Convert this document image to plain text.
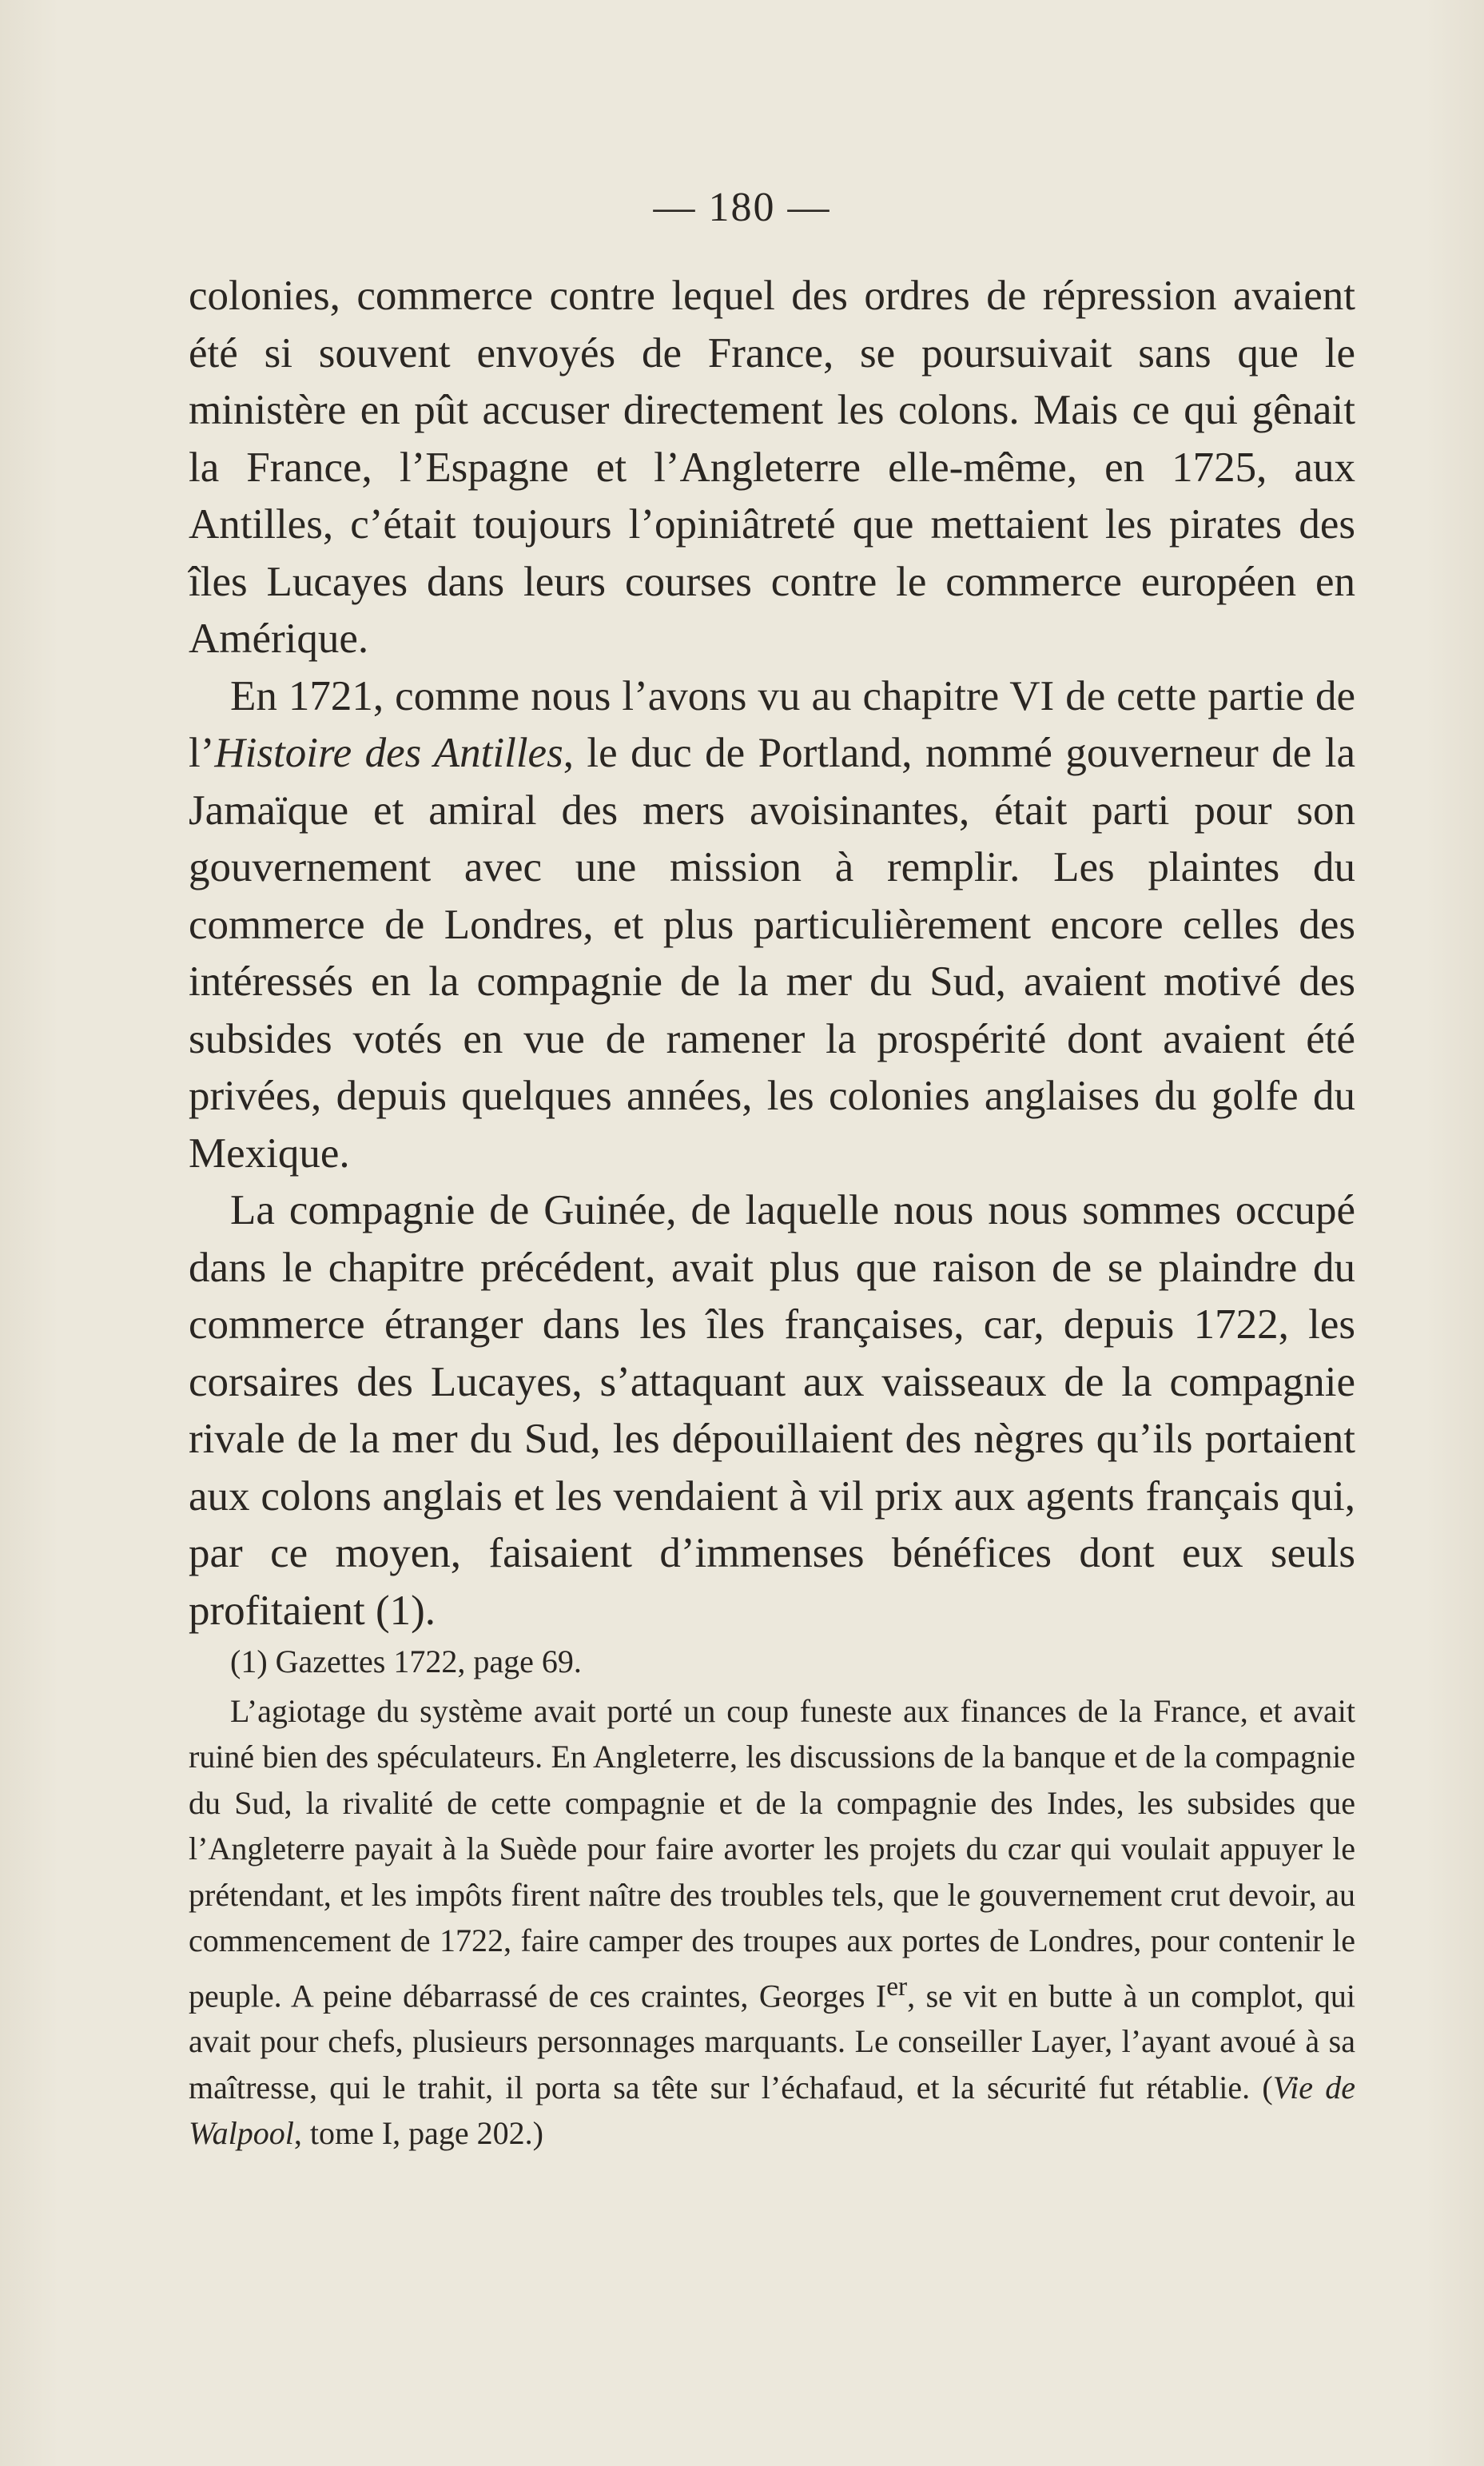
— 180 —

colonies, commerce contre lequel des ordres de répression avaient été si souvent envoyés de France, se poursuivait sans que le ministère en pût accuser directement les colons. Mais ce qui gênait la France, l’Espagne et l’Angleterre elle-même, en 1725, aux Antilles, c’était toujours l’opiniâtreté que mettaient les pirates des îles Lucayes dans leurs courses contre le commerce européen en Amérique.

En 1721, comme nous l’avons vu au chapitre VI de cette partie de l’Histoire des Antilles, le duc de Portland, nommé gouverneur de la Jamaïque et amiral des mers avoisinantes, était parti pour son gouvernement avec une mission à remplir. Les plaintes du commerce de Londres, et plus particulièrement encore celles des intéressés en la compagnie de la mer du Sud, avaient motivé des subsides votés en vue de ramener la prospérité dont avaient été privées, depuis quelques années, les colonies anglaises du golfe du Mexique.

La compagnie de Guinée, de laquelle nous nous sommes occupé dans le chapitre précédent, avait plus que raison de se plaindre du commerce étranger dans les îles françaises, car, depuis 1722, les corsaires des Lucayes, s’attaquant aux vaisseaux de la compagnie rivale de la mer du Sud, les dépouillaient des nègres qu’ils portaient aux colons anglais et les vendaient à vil prix aux agents français qui, par ce moyen, faisaient d’immenses bénéfices dont eux seuls profitaient (1).

(1) Gazettes 1722, page 69.

L’agiotage du système avait porté un coup funeste aux finances de la France, et avait ruiné bien des spéculateurs. En Angleterre, les discussions de la banque et de la compagnie du Sud, la rivalité de cette compagnie et de la compagnie des Indes, les subsides que l’Angleterre payait à la Suède pour faire avorter les projets du czar qui voulait appuyer le prétendant, et les impôts firent naître des troubles tels, que le gouvernement crut devoir, au commencement de 1722, faire camper des troupes aux portes de Londres, pour contenir le peuple. A peine débarrassé de ces craintes, Georges Ier, se vit en butte à un complot, qui avait pour chefs, plusieurs personnages marquants. Le conseiller Layer, l’ayant avoué à sa maîtresse, qui le trahit, il porta sa tête sur l’échafaud, et la sécurité fut rétablie. (Vie de Walpool, tome I, page 202.)
